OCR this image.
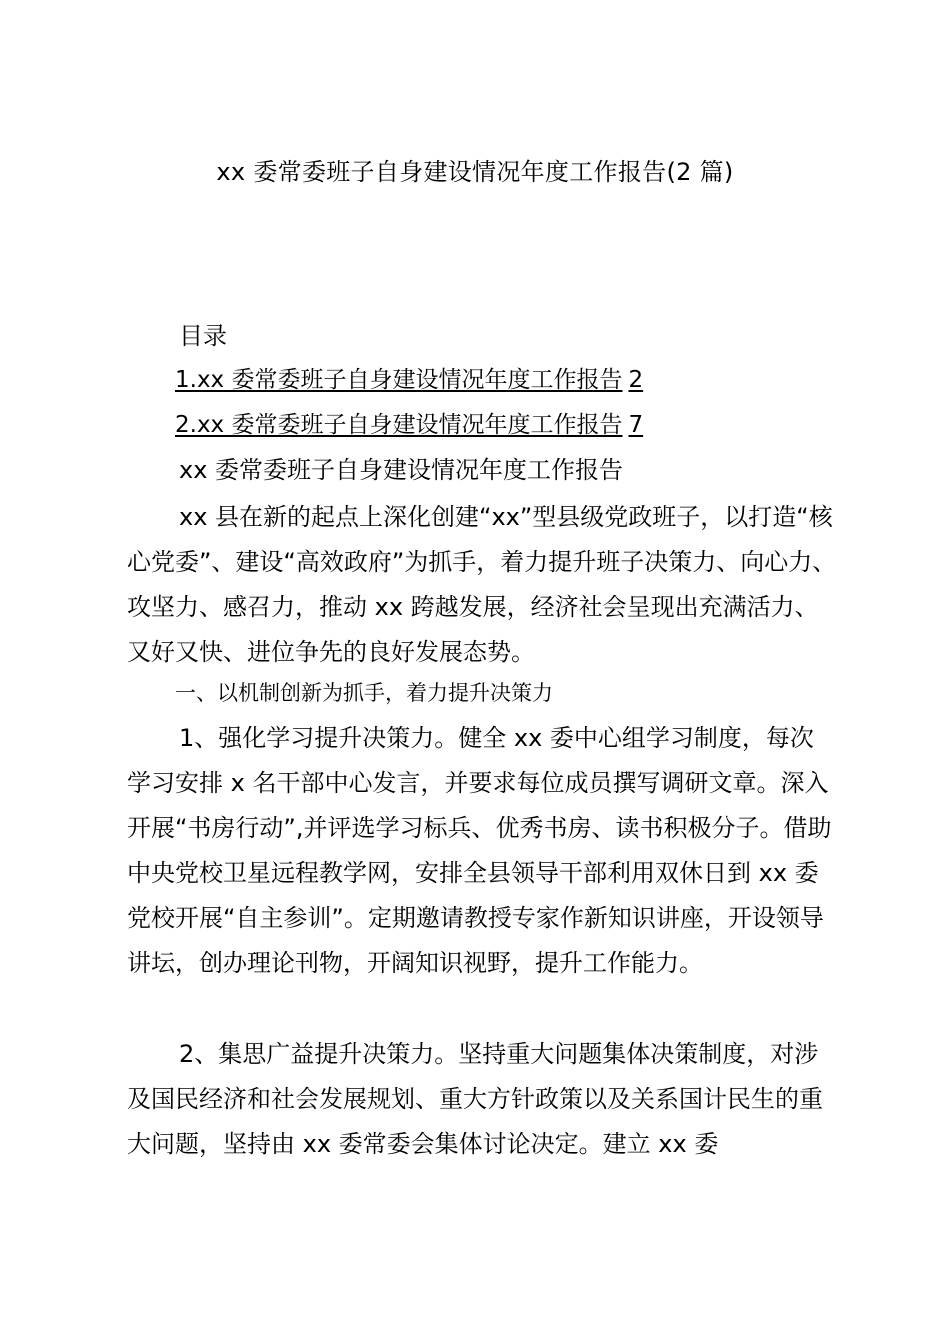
xx 委常委班子自身建设情况年度工作报告(2 篇)
目录
1.xx 委常委班子自身建设情况年度工作报告 2
2.xx 委常委班子自身建设情况年度工作报告 7
xx 委常委班子自身建设情况年度工作报告
xx 县在新的起点上深化创建“xx”型县级党政班子，以打造“核心党委”、建设“高效政府”为抓手，着力提升班子决策力、向心力、攻坚力、感召力，推动 xx 跨越发展，经济社会呈现出充满活力、又好又快、进位争先的良好发展态势。
一、以机制创新为抓手，着力提升决策力
1、强化学习提升决策力。健全 xx 委中心组学习制度，每次学习安排 x 名干部中心发言，并要求每位成员撰写调研文章。深入开展“书房行动”,并评选学习标兵、优秀书房、读书积极分子。借助中央党校卫星远程教学网，安排全县领导干部利用双休日到 xx 委党校开展“自主参训”。定期邀请教授专家作新知识讲座，开设领导讲坛，创办理论刊物，开阔知识视野，提升工作能力。
2、集思广益提升决策力。坚持重大问题集体决策制度，对涉及国民经济和社会发展规划、重大方针政策以及关系国计民生的重大问题，坚持由 xx 委常委会集体讨论决定。建立 xx 委
